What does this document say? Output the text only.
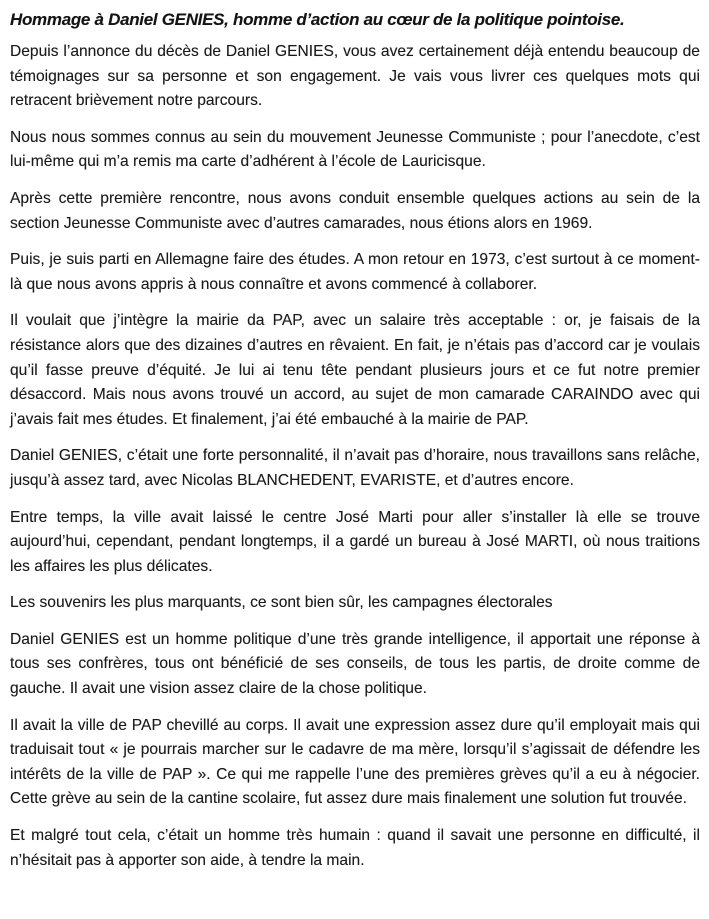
Hommage à Daniel GENIES, homme d’action au cœur de la politique pointoise.

Depuis l’annonce du décès de Daniel GENIES, vous avez certainement déjà entendu beaucoup de témoignages sur sa personne et son engagement. Je vais vous livrer ces quelques mots qui retracent brièvement notre parcours.

Nous nous sommes connus au sein du mouvement Jeunesse Communiste ; pour l’anecdote, c’est lui-même qui m’a remis ma carte d’adhérent à l’école de Lauricisque.

Après cette première rencontre, nous avons conduit ensemble quelques actions au sein de la section Jeunesse Communiste avec d’autres camarades, nous étions alors en 1969.

Puis, je suis parti en Allemagne faire des études. A mon retour en 1973, c’est surtout à ce moment-là que nous avons appris à nous connaître et avons commencé à collaborer.

Il voulait que j’intègre la mairie da PAP, avec un salaire très acceptable : or, je faisais de la résistance alors que des dizaines d’autres en rêvaient. En fait, je n’étais pas d’accord car je voulais qu’il fasse preuve d’équité. Je lui ai tenu tête pendant plusieurs jours et ce fut notre premier désaccord. Mais nous avons trouvé un accord, au sujet de mon camarade CARAINDO avec qui j’avais fait mes études. Et finalement, j’ai été embauché à la mairie de PAP.

Daniel GENIES, c’était une forte personnalité, il n’avait pas d’horaire, nous travaillons sans relâche, jusqu’à assez tard, avec Nicolas BLANCHEDENT, EVARISTE, et d’autres encore.

Entre temps, la ville avait laissé le centre José Marti pour aller s’installer là elle se trouve aujourd’hui, cependant, pendant longtemps, il a gardé un bureau à José MARTI, où nous traitions les affaires les plus délicates.

Les souvenirs les plus marquants, ce sont bien sûr, les campagnes électorales

Daniel GENIES est un homme politique d’une très grande intelligence, il apportait une réponse à tous ses confrères, tous ont bénéficié de ses conseils, de tous les partis, de droite comme de gauche. Il avait une vision assez claire de la chose politique.

Il avait la ville de PAP chevillé au corps. Il avait une expression assez dure qu’il employait mais qui traduisait tout « je pourrais marcher sur le cadavre de ma mère, lorsqu’il s’agissait de défendre les intérêts de la ville de PAP ». Ce qui me rappelle l’une des premières grèves qu’il a eu à négocier. Cette grève au sein de la cantine scolaire, fut assez dure mais finalement une solution fut trouvée.

Et malgré tout cela, c’était un homme très humain : quand il savait une personne en difficulté, il n’hésitait pas à apporter son aide, à tendre la main.
